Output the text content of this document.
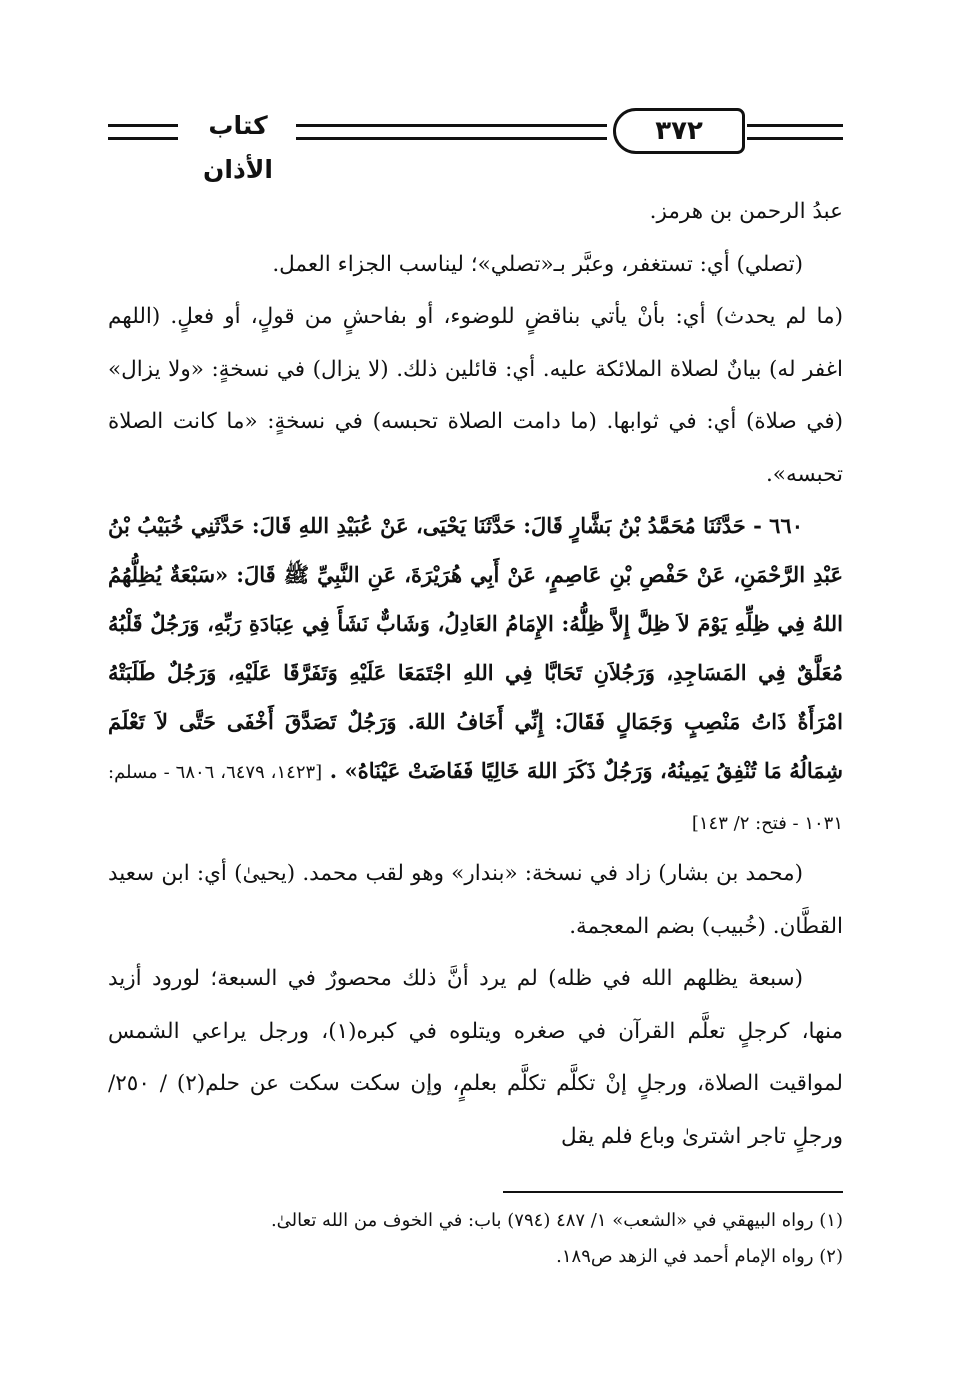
٣٧٢
كتاب الأذان

عبدُ الرحمن بن هرمز.

(تصلي) أي: تستغفر، وعبَّر بـ«تصلي»؛ ليناسب الجزاء العمل.

(ما لم يحدث) أي: بأنْ يأتي بناقضٍ للوضوء، أو بفاحشٍ من قولٍ، أو فعلٍ. (اللهم اغفر له) بيانٌ لصلاة الملائكة عليه. أي: قائلين ذلك. (لا يزال) في نسخةٍ: «ولا يزال» (في صلاة) أي: في ثوابها. (ما دامت الصلاة تحبسه) في نسخةٍ: «ما كانت الصلاة تحبسه».

٦٦٠ - حَدَّثَنَا مُحَمَّدُ بْنُ بَشَّارٍ قَالَ: حَدَّثَنَا يَحْيَى، عَنْ عُبَيْدِ اللهِ قَالَ: حَدَّثَنِي خُبَيْبُ بْنُ عَبْدِ الرَّحْمَنِ، عَنْ حَفْصِ بْنِ عَاصِمٍ، عَنْ أَبِي هُرَيْرَةَ، عَنِ النَّبِيِّ ﷺ قَالَ: «سَبْعَةٌ يُظِلُّهُمُ اللهُ فِي ظِلِّهِ يَوْمَ لاَ ظِلَّ إِلاَّ ظِلُّهُ: الإِمَامُ العَادِلُ، وَشَابٌّ نَشَأَ فِي عِبَادَةِ رَبِّهِ، وَرَجُلٌ قَلْبُهُ مُعَلَّقٌ فِي المَسَاجِدِ، وَرَجُلاَنِ تَحَابَّا فِي اللهِ اجْتَمَعَا عَلَيْهِ وَتَفَرَّقَا عَلَيْهِ، وَرَجُلٌ طَلَبَتْهُ امْرَأَةٌ ذَاتُ مَنْصِبٍ وَجَمَالٍ فَقَالَ: إِنِّي أَخَافُ اللهَ. وَرَجُلٌ تَصَدَّقَ أَخْفَى حَتَّى لاَ تَعْلَمَ شِمَالُهُ مَا تُنْفِقُ يَمِينُهُ، وَرَجُلٌ ذَكَرَ اللهَ خَالِيًا فَفَاضَتْ عَيْنَاهُ» . [١٤٢٣، ٦٤٧٩، ٦٨٠٦ - مسلم: ١٠٣١ - فتح: ٢/ ١٤٣]

(محمد بن بشار) زاد في نسخة: «بندار» وهو لقب محمد. (يحيىٰ) أي: ابن سعيد القطَّان. (خُبيب) بضم المعجمة.

(سبعة يظلهم الله في ظله) لم يرد أنَّ ذلك محصورٌ في السبعة؛ لورود أزيد منها، كرجلٍ تعلَّم القرآن في صغره ويتلوه في كبره(١)، ورجل يراعي الشمس لمواقيت الصلاة، ورجلٍ إنْ تكلَّم تكلَّم بعلمٍ، وإن سكت سكت عن حلم(٢) / ٢٥٠/ ورجلٍ تاجر اشترىٰ وباع فلم يقل

(١) رواه البيهقي في «الشعب» ١/ ٤٨٧ (٧٩٤) باب: في الخوف من الله تعالىٰ.

(٢) رواه الإمام أحمد في الزهد ص١٨٩.
